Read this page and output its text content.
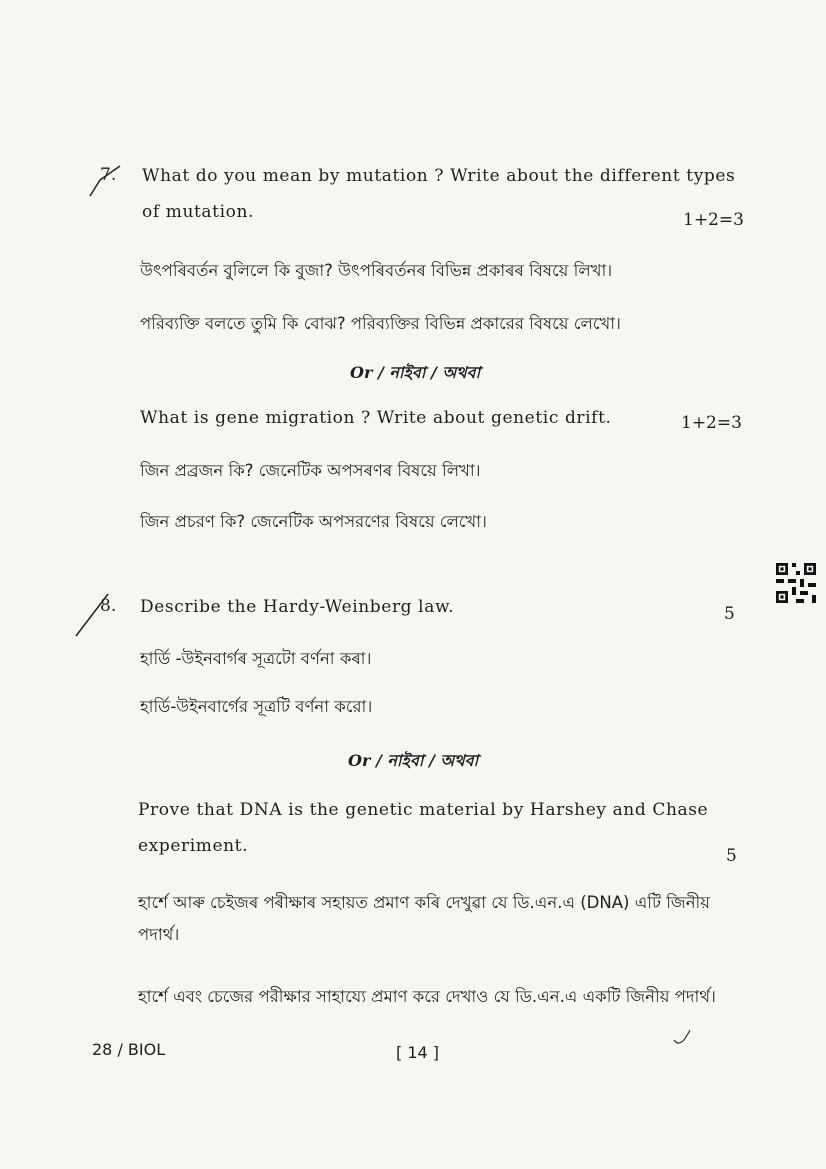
7. What do you mean by mutation ? Write about the different types
of mutation.	1+2=3
উৎপৰিবৰ্তন বুলিলে কি বুজা? উৎপৰিবৰ্তনৰ বিভিন্ন প্ৰকাৰৰ বিষয়ে লিখা।
পরিব্যক্তি বলতে তুমি কি বোঝ? পরিব্যক্তির বিভিন্ন প্রকারের বিষয়ে লেখো।
Or / নাইবা / অথবা
What is gene migration ? Write about genetic drift.	1+2=3
জিন প্ৰব্ৰজন কি? জেনেটিক অপসৰণৰ বিষয়ে লিখা।
জিন প্রচরণ কি? জেনেটিক অপসরণের বিষয়ে লেখো।
8. Describe the Hardy-Weinberg law.	5
হাৰ্ডি -উইনবাৰ্গৰ সূত্ৰটো বৰ্ণনা কৰা।
হার্ডি-উইনবার্গের সূত্রটি বর্ণনা করো।
Or / নাইবা / অথবা
Prove that DNA is the genetic material by Harshey and Chase
experiment.	5
হাৰ্শে আৰু চেইজৰ পৰীক্ষাৰ সহায়ত প্ৰমাণ কৰি দেখুৱা যে ডি.এন.এ (DNA) এটি জিনীয়
পদাৰ্থ।
হার্শে এবং চেজের পরীক্ষার সাহায্যে প্রমাণ করে দেখাও যে ডি.এন.এ একটি জিনীয় পদার্থ।
28 / BIOL	[ 14 ]
